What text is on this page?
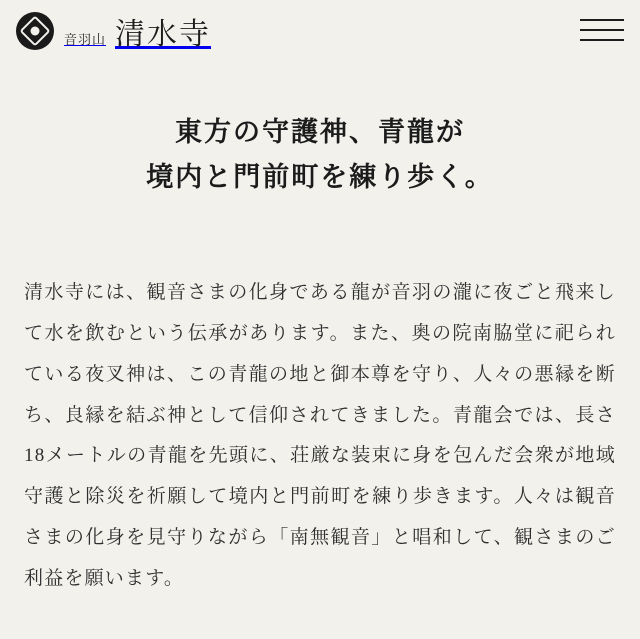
音羽山 清水寺
東方の守護神、青龍が
境内と門前町を練り歩く。

清水寺には、観音さまの化身である龍が音羽の瀧に夜ごと飛来して水を飲むという伝承があります。また、奥の院南脇堂に祀られている夜叉神は、この青龍の地と御本尊を守り、人々の悪縁を断ち、良縁を結ぶ神として信仰されてきました。青龍会では、長さ18メートルの青龍を先頭に、荘厳な装束に身を包んだ会衆が地域守護と除災を祈願して境内と門前町を練り歩きます。人々は観音さまの化身を見守りながら「南無観音」と唱和して、観さまのご利益を願います。
